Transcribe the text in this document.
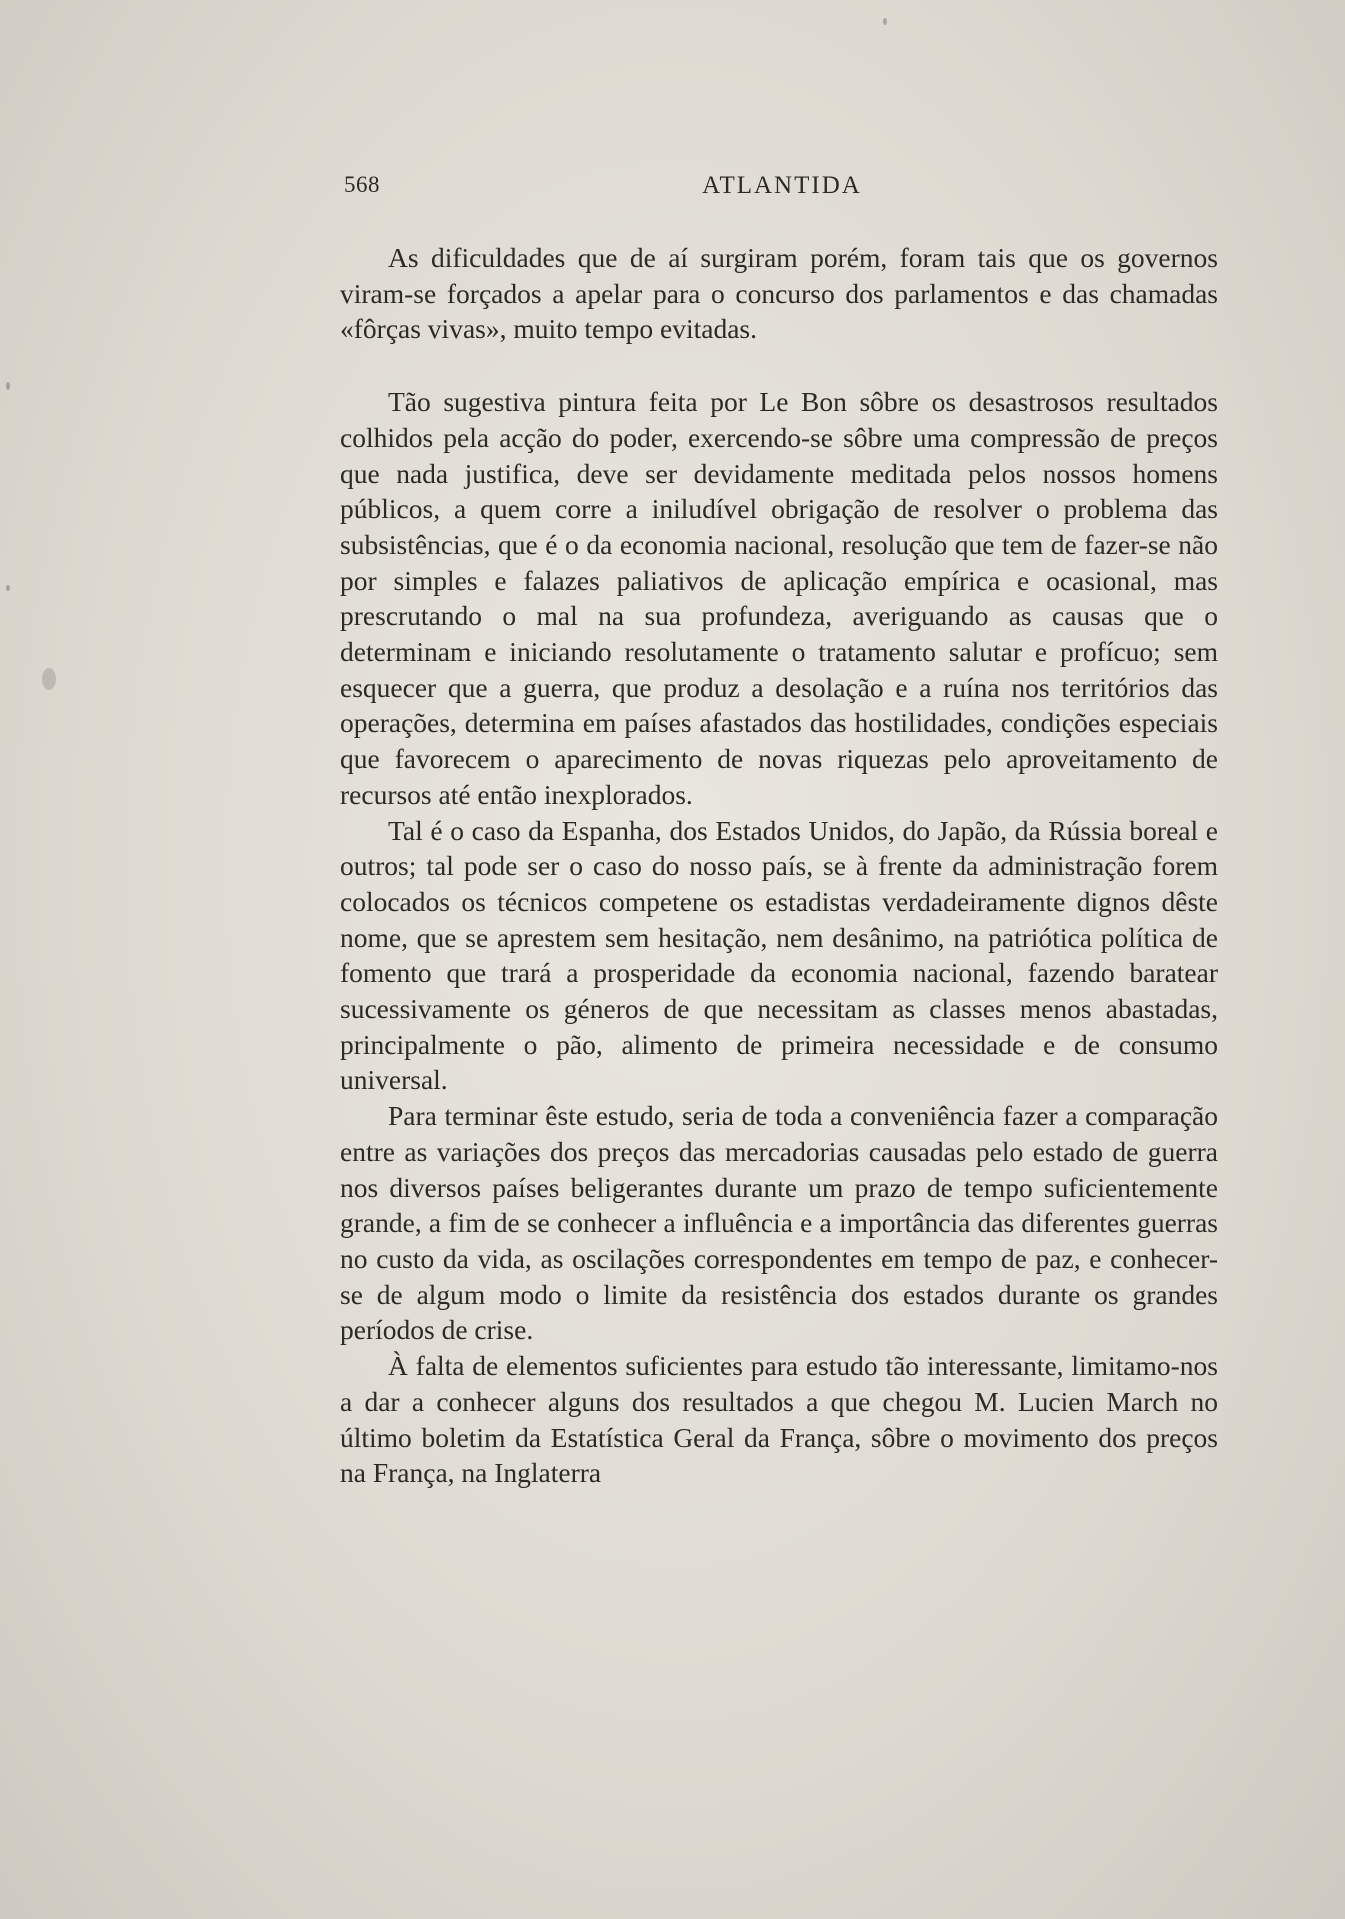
568	ATLANTIDA

As dificuldades que de aí surgiram porém, foram tais que os governos viram-se forçados a apelar para o concurso dos parlamentos e das chamadas «fôrças vivas», muito tempo evitadas.

Tão sugestiva pintura feita por Le Bon sôbre os desastrosos resultados colhidos pela acção do poder, exercendo-se sôbre uma compressão de preços que nada justifica, deve ser devidamente meditada pelos nossos homens públicos, a quem corre a iniludível obrigação de resolver o problema das subsistências, que é o da economia nacional, resolução que tem de fazer-se não por simples e falazes paliativos de aplicação empírica e ocasional, mas prescrutando o mal na sua profundeza, averiguando as causas que o determinam e iniciando resolutamente o tratamento salutar e profícuo; sem esquecer que a guerra, que produz a desolação e a ruína nos territórios das operações, determina em países afastados das hostilidades, condições especiais que favorecem o aparecimento de novas riquezas pelo aproveitamento de recursos até então inexplorados.

Tal é o caso da Espanha, dos Estados Unidos, do Japão, da Rússia boreal e outros; tal pode ser o caso do nosso país, se à frente da administração forem colocados os técnicos competene os estadistas verdadeiramente dignos dêste nome, que se aprestem sem hesitação, nem desânimo, na patriótica política de fomento que trará a prosperidade da economia nacional, fazendo baratear sucessivamente os géneros de que necessitam as classes menos abastadas, principalmente o pão, alimento de primeira necessidade e de consumo universal.

Para terminar êste estudo, seria de toda a conveniência fazer a comparação entre as variações dos preços das mercadorias causadas pelo estado de guerra nos diversos países beligerantes durante um prazo de tempo suficientemente grande, a fim de se conhecer a influência e a importância das diferentes guerras no custo da vida, as oscilações correspondentes em tempo de paz, e conhecer-se de algum modo o limite da resistência dos estados durante os grandes períodos de crise.

À falta de elementos suficientes para estudo tão interessante, limitamo-nos a dar a conhecer alguns dos resultados a que chegou M. Lucien March no último boletim da Estatística Geral da França, sôbre o movimento dos preços na França, na Inglaterra
